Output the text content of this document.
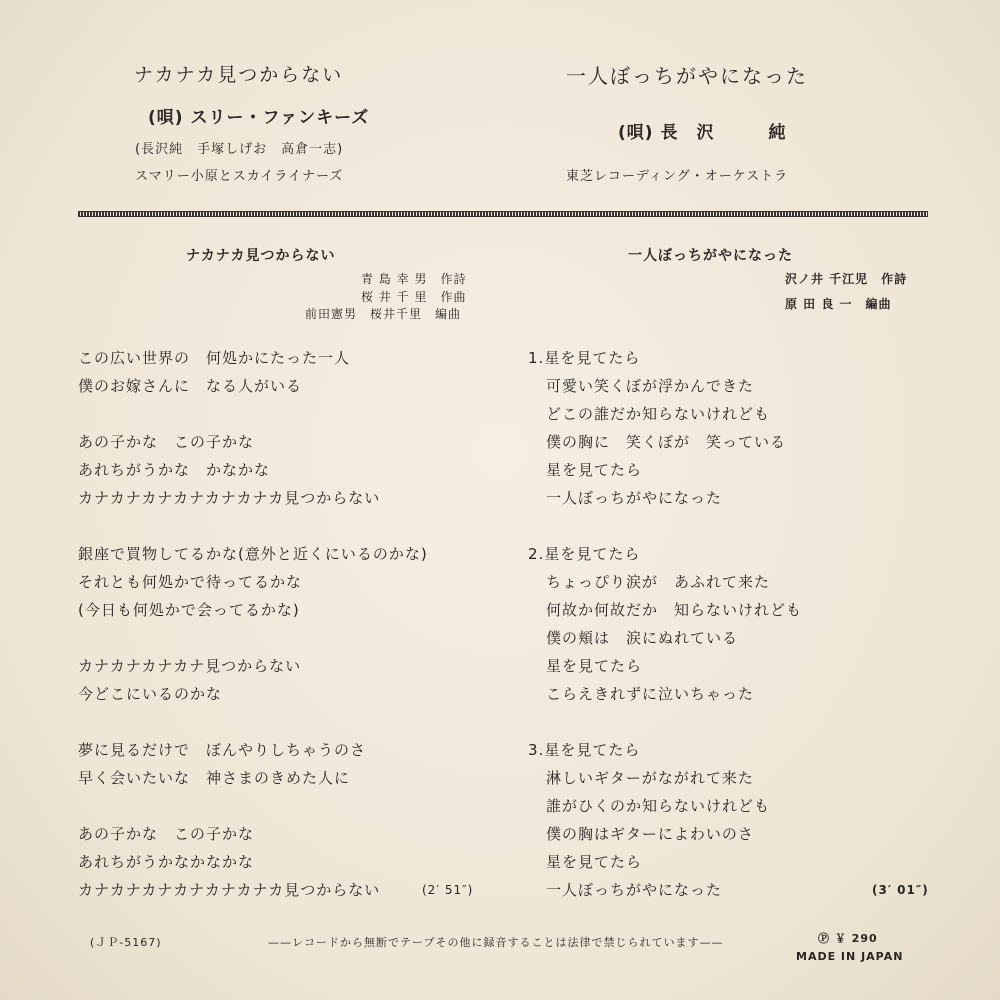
ナカナカ見つからない
(唄) スリー・ファンキーズ
(長沢純　手塚しげお　高倉一志)
スマリー小原とスカイライナーズ
一人ぼっちがやになった
(唄) 長　沢　　　純
東芝レコーディング・オーケストラ
ナカナカ見つからない
青 島 幸 男　作詩
桜 井 千 里　作曲
前田憲男　桜井千里　編曲
一人ぼっちがやになった
沢ノ井 千江児　作詩
原 田 良 一　編曲
この広い世界の　何処かにたった一人
僕のお嫁さんに　なる人がいる
あの子かな　この子かな
あれちがうかな　かなかな
カナカナカナカナカナカナカ見つからない
銀座で買物してるかな(意外と近くにいるのかな)
それとも何処かで待ってるかな
(今日も何処かで会ってるかな)
カナカナカナカナ見つからない
今どこにいるのかな
夢に見るだけで　ぼんやりしちゃうのさ
早く会いたいな　神さまのきめた人に
あの子かな　この子かな
あれちがうかなかなかな
カナカナカナカナカナカナカ見つからない	(2′ 51″)
1.星を見てたら
可愛い笑くぼが浮かんできた
どこの誰だか知らないけれども
僕の胸に　笑くぼが　笑っている
星を見てたら
一人ぼっちがやになった
2.星を見てたら
ちょっぴり涙が　あふれて来た
何故か何故だか　知らないけれども
僕の頬は　涙にぬれている
星を見てたら
こらえきれずに泣いちゃった
3.星を見てたら
淋しいギターがながれて来た
誰がひくのか知らないけれども
僕の胸はギターによわいのさ
星を見てたら
一人ぼっちがやになった	(3′ 01″)
(ＪＰ-5167)	——レコードから無断でテープその他に録音することは法律で禁じられています——	Ⓟ ￥ 290
MADE IN JAPAN
